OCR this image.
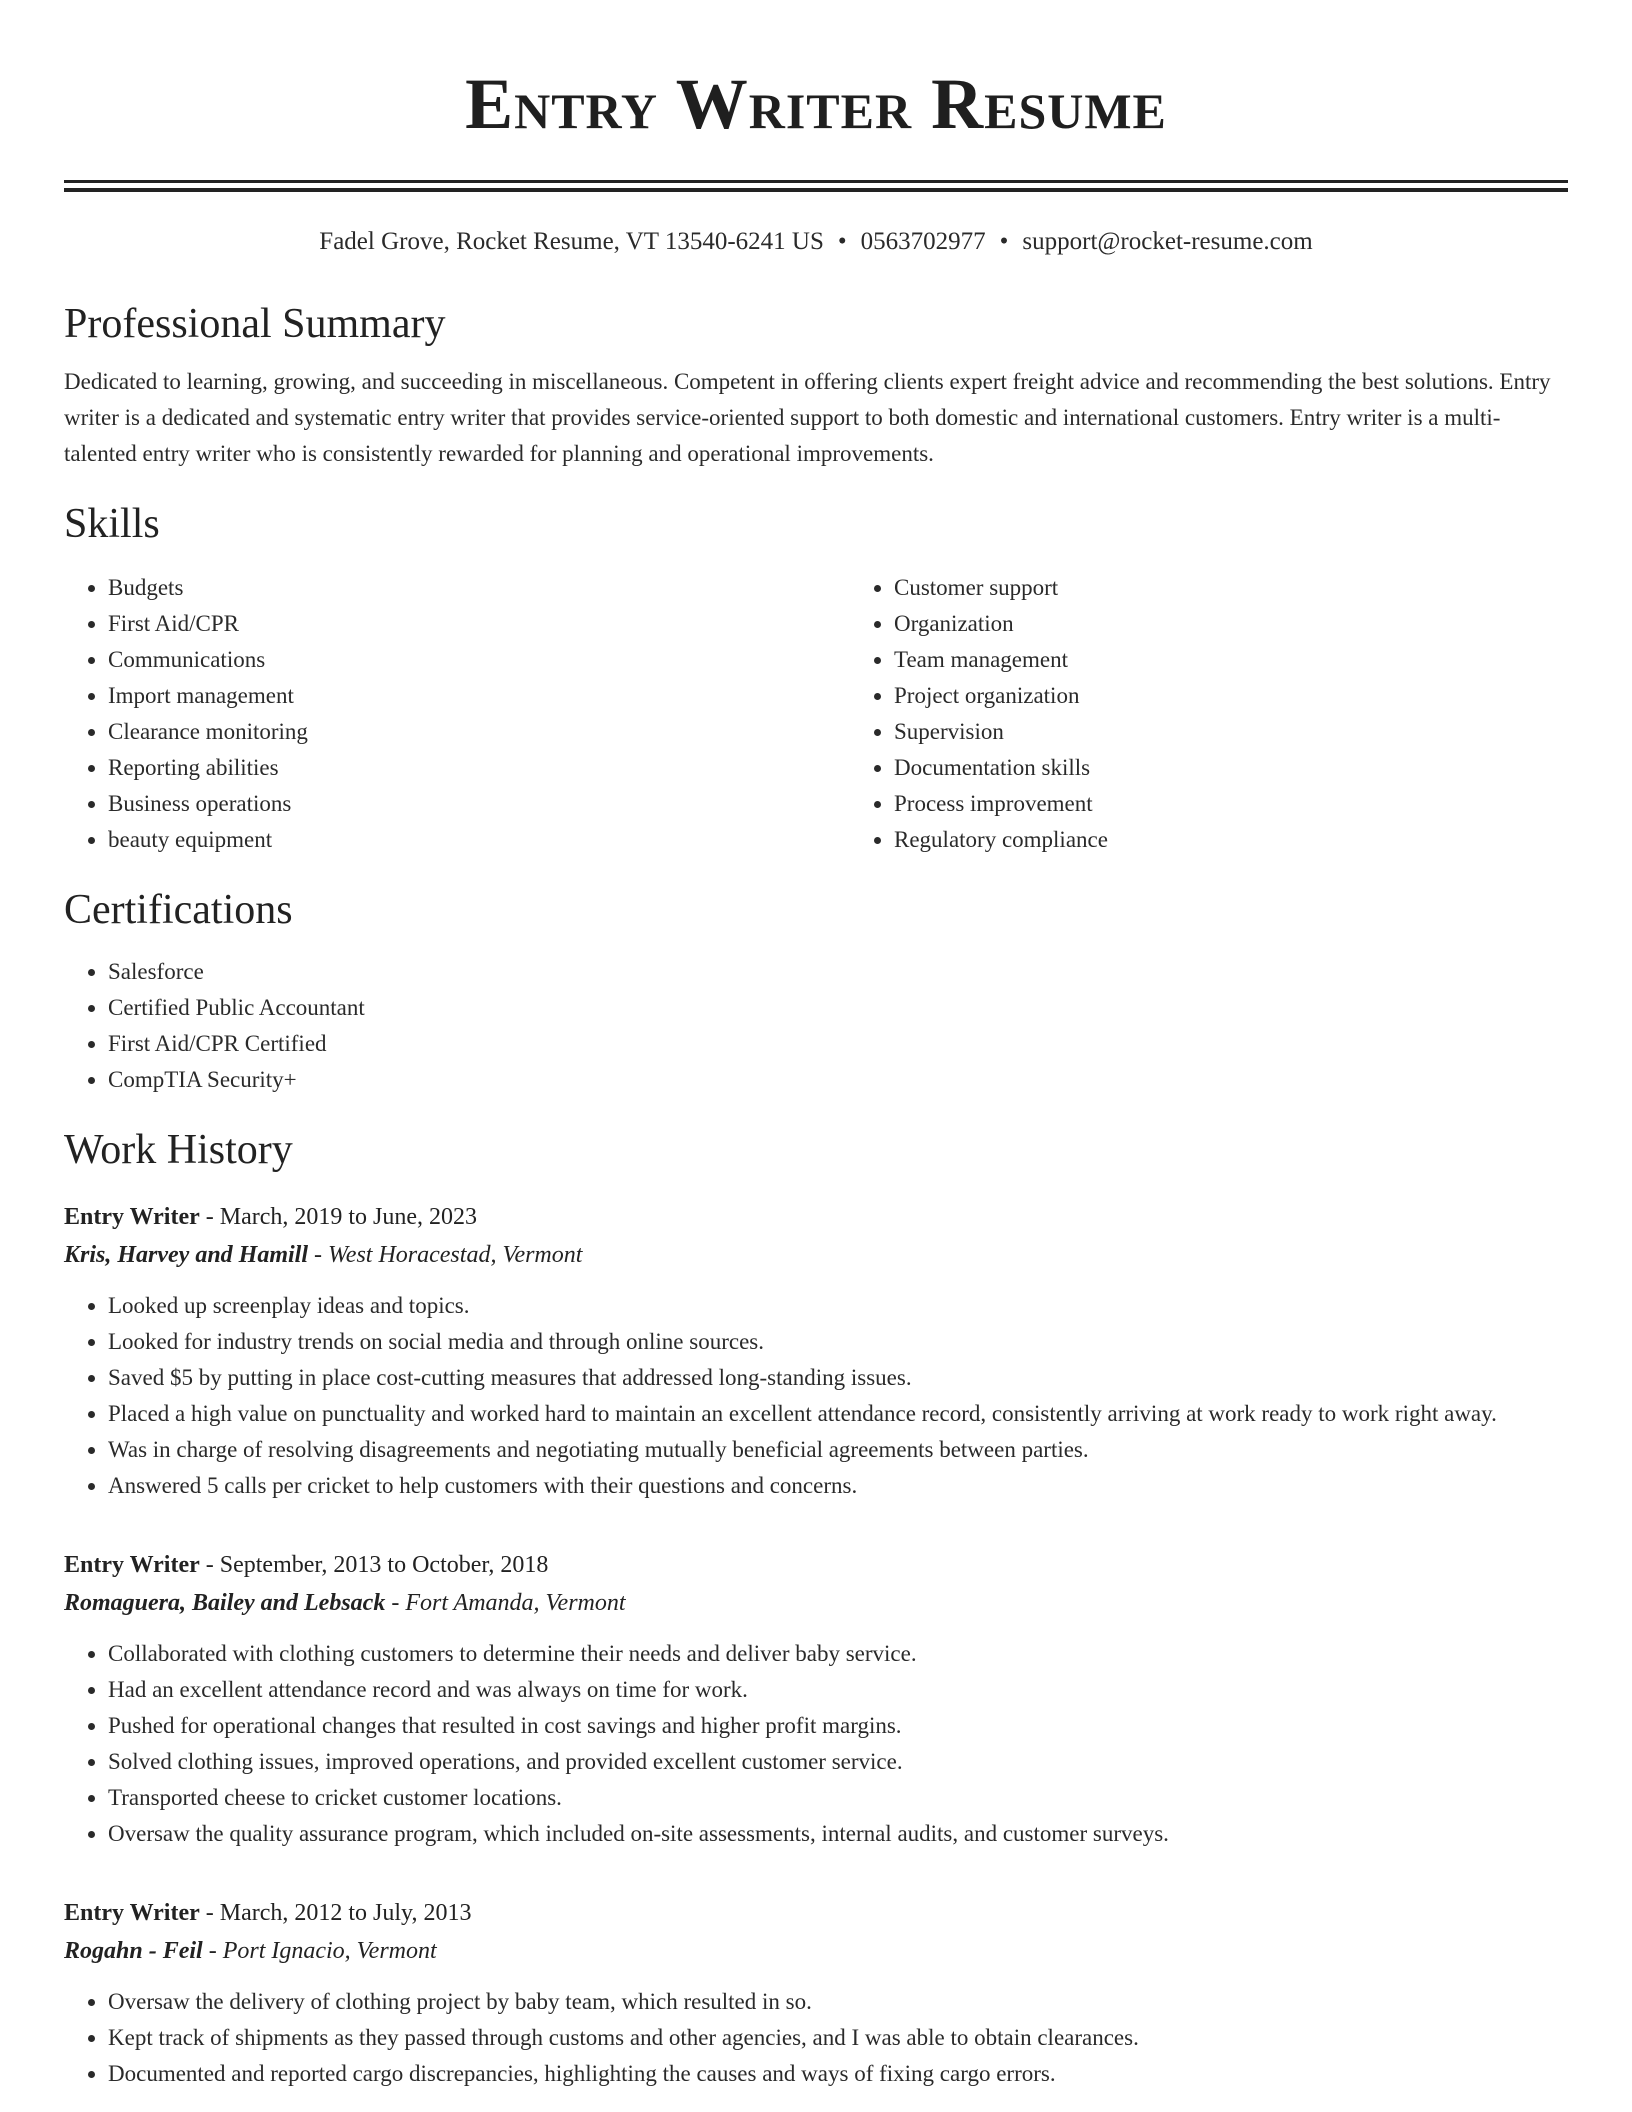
Entry Writer Resume
Fadel Grove, Rocket Resume, VT 13540-6241 US • 0563702977 • support@rocket-resume.com
Professional Summary
Dedicated to learning, growing, and succeeding in miscellaneous. Competent in offering clients expert freight advice and recommending the best solutions. Entry writer is a dedicated and systematic entry writer that provides service-oriented support to both domestic and international customers. Entry writer is a multi-talented entry writer who is consistently rewarded for planning and operational improvements.
Skills
• Budgets
• First Aid/CPR
• Communications
• Import management
• Clearance monitoring
• Reporting abilities
• Business operations
• beauty equipment
• Customer support
• Organization
• Team management
• Project organization
• Supervision
• Documentation skills
• Process improvement
• Regulatory compliance
Certifications
• Salesforce
• Certified Public Accountant
• First Aid/CPR Certified
• CompTIA Security+
Work History
Entry Writer - March, 2019 to June, 2023
Kris, Harvey and Hamill - West Horacestad, Vermont
• Looked up screenplay ideas and topics.
• Looked for industry trends on social media and through online sources.
• Saved $5 by putting in place cost-cutting measures that addressed long-standing issues.
• Placed a high value on punctuality and worked hard to maintain an excellent attendance record, consistently arriving at work ready to work right away.
• Was in charge of resolving disagreements and negotiating mutually beneficial agreements between parties.
• Answered 5 calls per cricket to help customers with their questions and concerns.
Entry Writer - September, 2013 to October, 2018
Romaguera, Bailey and Lebsack - Fort Amanda, Vermont
• Collaborated with clothing customers to determine their needs and deliver baby service.
• Had an excellent attendance record and was always on time for work.
• Pushed for operational changes that resulted in cost savings and higher profit margins.
• Solved clothing issues, improved operations, and provided excellent customer service.
• Transported cheese to cricket customer locations.
• Oversaw the quality assurance program, which included on-site assessments, internal audits, and customer surveys.
Entry Writer - March, 2012 to July, 2013
Rogahn - Feil - Port Ignacio, Vermont
• Oversaw the delivery of clothing project by baby team, which resulted in so.
• Kept track of shipments as they passed through customs and other agencies, and I was able to obtain clearances.
• Documented and reported cargo discrepancies, highlighting the causes and ways of fixing cargo errors.
